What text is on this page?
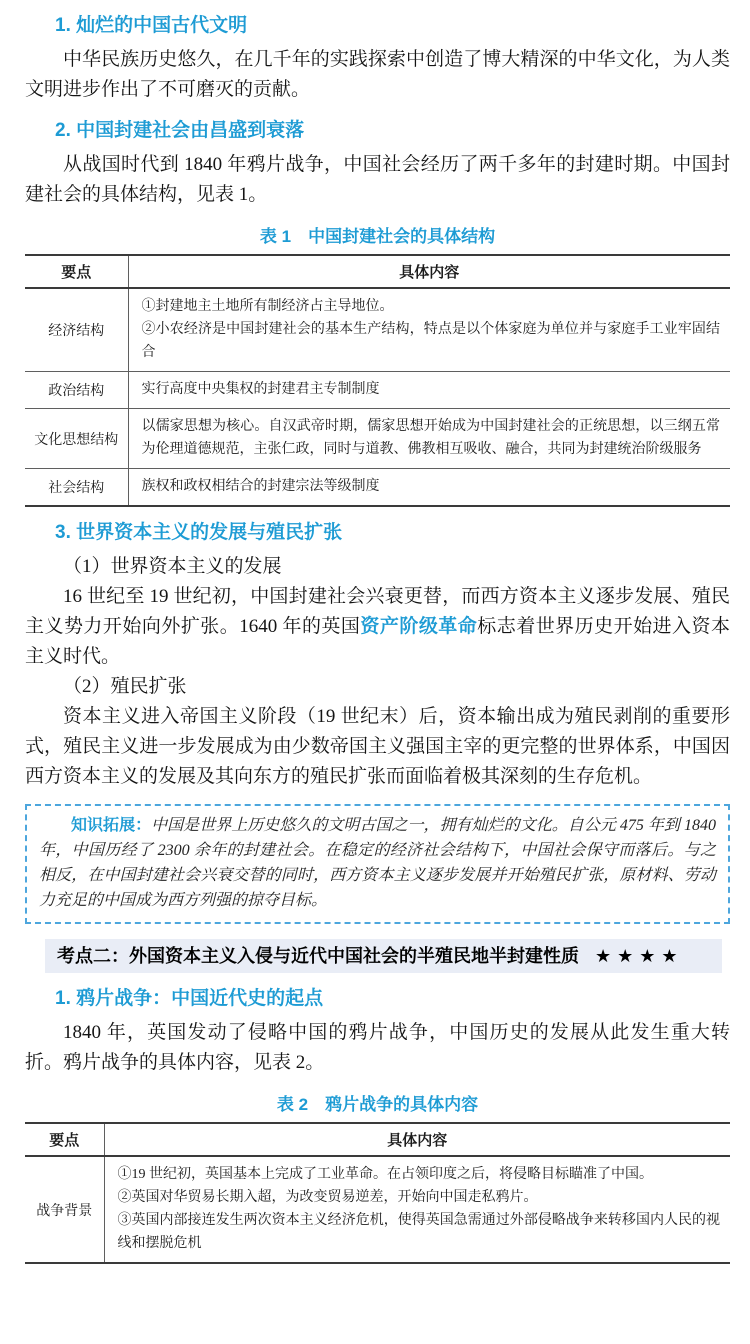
1. 灿烂的中国古代文明

中华民族历史悠久，在几千年的实践探索中创造了博大精深的中华文化，为人类文明进步作出了不可磨灭的贡献。

2. 中国封建社会由昌盛到衰落

从战国时代到 1840 年鸦片战争，中国社会经历了两千多年的封建时期。中国封建社会的具体结构，见表 1。

表 1　中国封建社会的具体结构
要点	具体内容
经济结构	①封建地主土地所有制经济占主导地位。
②小农经济是中国封建社会的基本生产结构，特点是以个体家庭为单位并与家庭手工业牢固结合

政治结构	实行高度中央集权的封建君主专制制度

文化思想结构	以儒家思想为核心。自汉武帝时期，儒家思想开始成为中国封建社会的正统思想，以三纲五常为伦理道德规范，主张仁政，同时与道教、佛教相互吸收、融合，共同为封建统治阶级服务

社会结构	族权和政权相结合的封建宗法等级制度
3. 世界资本主义的发展与殖民扩张

（1）世界资本主义的发展

16 世纪至 19 世纪初，中国封建社会兴衰更替，而西方资本主义逐步发展、殖民主义势力开始向外扩张。1640 年的英国资产阶级革命标志着世界历史开始进入资本主义时代。

（2）殖民扩张

资本主义进入帝国主义阶段（19 世纪末）后，资本输出成为殖民剥削的重要形式，殖民主义进一步发展成为由少数帝国主义强国主宰的更完整的世界体系，中国因西方资本主义的发展及其向东方的殖民扩张而面临着极其深刻的生存危机。

知识拓展：中国是世界上历史悠久的文明古国之一，拥有灿烂的文化。自公元 475 年到 1840 年，中国历经了 2300 余年的封建社会。在稳定的经济社会结构下，中国社会保守而落后。与之相反，在中国封建社会兴衰交替的同时，西方资本主义逐步发展并开始殖民扩张，原材料、劳动力充足的中国成为西方列强的掠夺目标。
考点二：外国资本主义入侵与近代中国社会的半殖民地半封建性质 ★★★★
1. 鸦片战争：中国近代史的起点

1840 年，英国发动了侵略中国的鸦片战争，中国历史的发展从此发生重大转折。鸦片战争的具体内容，见表 2。

表 2　鸦片战争的具体内容
要点	具体内容
战争背景	①19 世纪初，英国基本上完成了工业革命。在占领印度之后，将侵略目标瞄准了中国。
②英国对华贸易长期入超，为改变贸易逆差，开始向中国走私鸦片。
③英国内部接连发生两次资本主义经济危机，使得英国急需通过外部侵略战争来转移国内人民的视线和摆脱危机
